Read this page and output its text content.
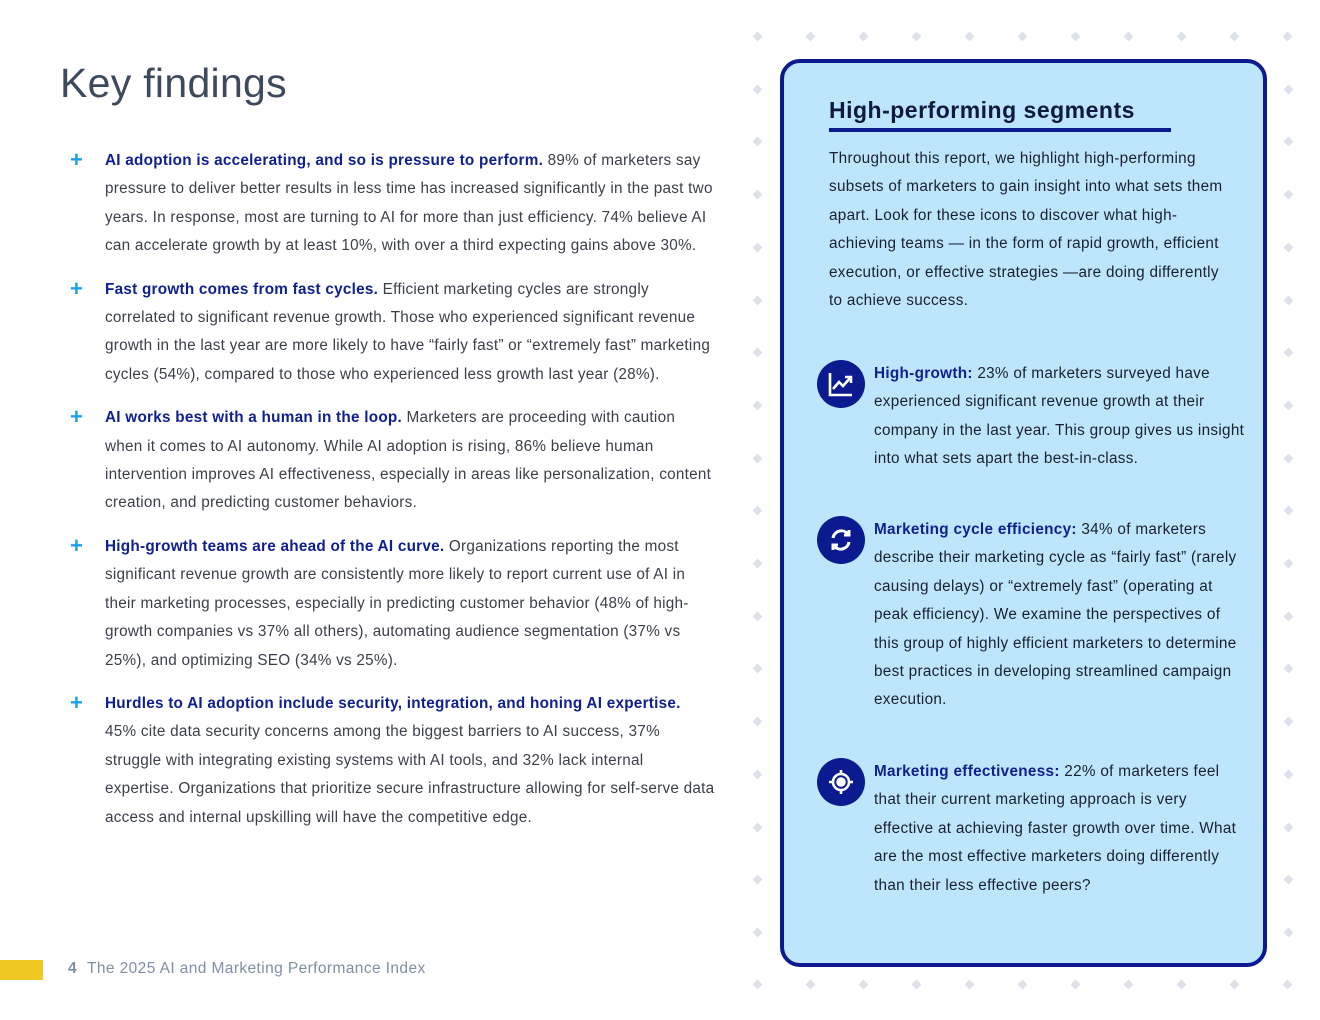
Key findings
+ AI adoption is accelerating, and so is pressure to perform. 89% of marketers say pressure to deliver better results in less time has increased significantly in the past two years. In response, most are turning to AI for more than just efficiency. 74% believe AI can accelerate growth by at least 10%, with over a third expecting gains above 30%.
+ Fast growth comes from fast cycles. Efficient marketing cycles are strongly correlated to significant revenue growth. Those who experienced significant revenue growth in the last year are more likely to have “fairly fast” or “extremely fast” marketing cycles (54%), compared to those who experienced less growth last year (28%).
+ AI works best with a human in the loop. Marketers are proceeding with caution when it comes to AI autonomy. While AI adoption is rising, 86% believe human intervention improves AI effectiveness, especially in areas like personalization, content creation, and predicting customer behaviors.
+ High-growth teams are ahead of the AI curve. Organizations reporting the most significant revenue growth are consistently more likely to report current use of AI in their marketing processes, especially in predicting customer behavior (48% of high-growth companies vs 37% all others), automating audience segmentation (37% vs 25%), and optimizing SEO (34% vs 25%).
+ Hurdles to AI adoption include security, integration, and honing AI expertise. 45% cite data security concerns among the biggest barriers to AI success, 37% struggle with integrating existing systems with AI tools, and 32% lack internal expertise. Organizations that prioritize secure infrastructure allowing for self-serve data access and internal upskilling will have the competitive edge.
High-performing segments

Throughout this report, we highlight high-performing subsets of marketers to gain insight into what sets them apart. Look for these icons to discover what high-achieving teams — in the form of rapid growth, efficient execution, or effective strategies —are doing differently to achieve success.

High-growth: 23% of marketers surveyed have experienced significant revenue growth at their company in the last year. This group gives us insight into what sets apart the best-in-class.

Marketing cycle efficiency: 34% of marketers describe their marketing cycle as “fairly fast” (rarely causing delays) or “extremely fast” (operating at peak efficiency). We examine the perspectives of this group of highly efficient marketers to determine best practices in developing streamlined campaign execution.

Marketing effectiveness: 22% of marketers feel that their current marketing approach is very effective at achieving faster growth over time. What are the most effective marketers doing differently than their less effective peers?

4 The 2025 AI and Marketing Performance Index
